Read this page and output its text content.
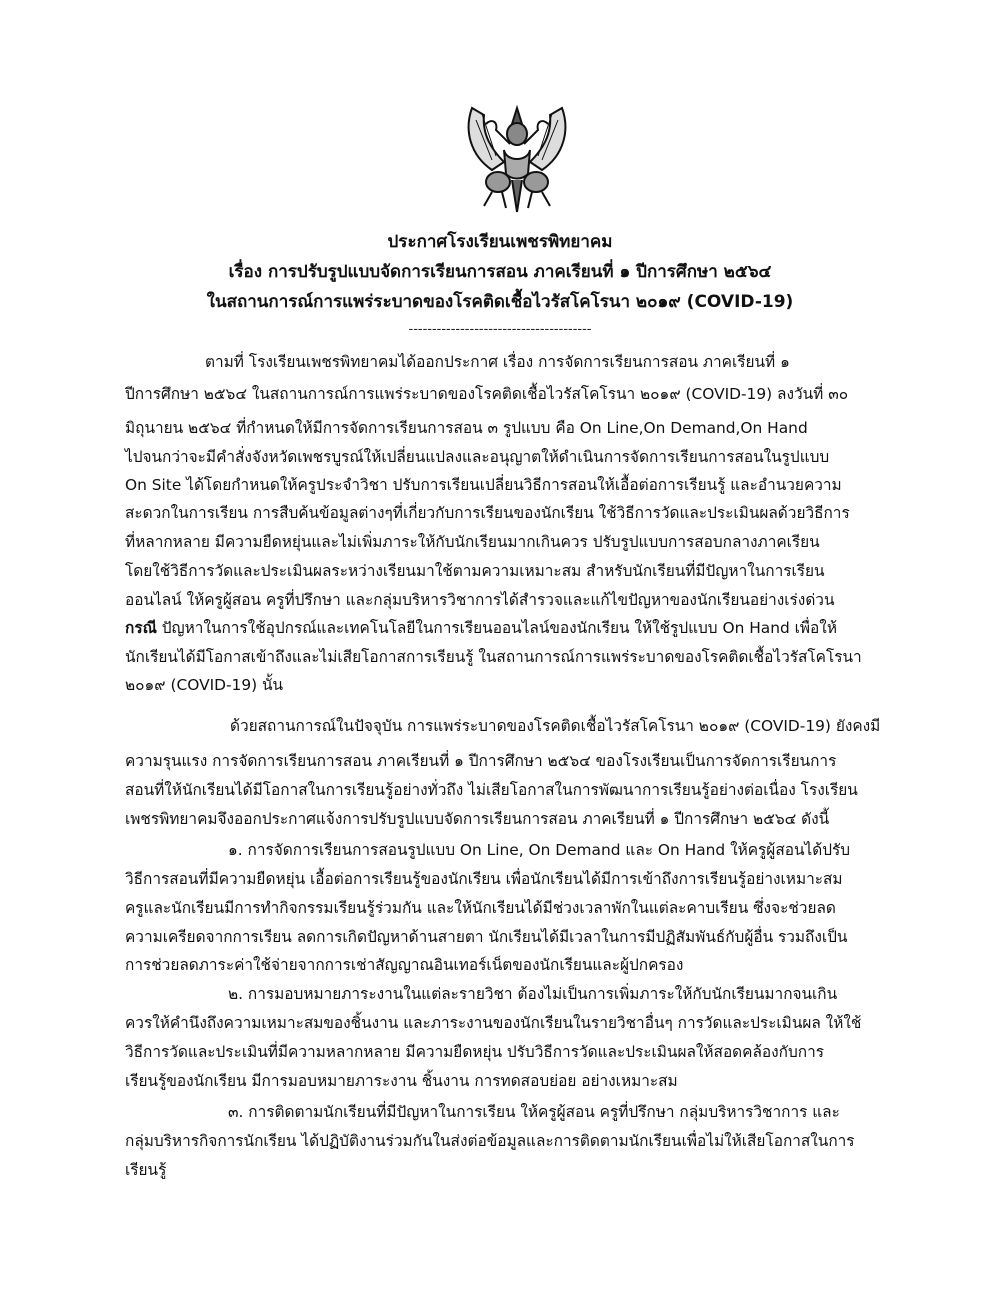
ประกาศโรงเรียนเพชรพิทยาคม
เรื่อง การปรับรูปแบบจัดการเรียนการสอน ภาคเรียนที่ ๑ ปีการศึกษา ๒๕๖๔
ในสถานการณ์การแพร่ระบาดของโรคติดเชื้อไวรัสโคโรนา ๒๐๑๙ (COVID-19)
---------------------------------------
ตามที่ โรงเรียนเพชรพิทยาคมได้ออกประกาศ เรื่อง การจัดการเรียนการสอน ภาคเรียนที่ ๑
ปีการศึกษา ๒๕๖๔ ในสถานการณ์การแพร่ระบาดของโรคติดเชื้อไวรัสโคโรนา ๒๐๑๙ (COVID-19) ลงวันที่ ๓๐
มิถุนายน ๒๕๖๔ ที่กำหนดให้มีการจัดการเรียนการสอน ๓ รูปแบบ คือ On Line,On Demand,On Hand
ไปจนกว่าจะมีคำสั่งจังหวัดเพชรบูรณ์ให้เปลี่ยนแปลงและอนุญาตให้ดำเนินการจัดการเรียนการสอนในรูปแบบ
On Site ได้โดยกำหนดให้ครูประจำวิชา ปรับการเรียนเปลี่ยนวิธีการสอนให้เอื้อต่อการเรียนรู้ และอำนวยความ
สะดวกในการเรียน การสืบค้นข้อมูลต่างๆที่เกี่ยวกับการเรียนของนักเรียน ใช้วิธีการวัดและประเมินผลด้วยวิธีการ
ที่หลากหลาย มีความยืดหยุ่นและไม่เพิ่มภาระให้กับนักเรียนมากเกินควร ปรับรูปแบบการสอบกลางภาคเรียน
โดยใช้วิธีการวัดและประเมินผลระหว่างเรียนมาใช้ตามความเหมาะสม สำหรับนักเรียนที่มีปัญหาในการเรียน
ออนไลน์ ให้ครูผู้สอน ครูที่ปรึกษา และกลุ่มบริหารวิชาการได้สำรวจและแก้ไขปัญหาของนักเรียนอย่างเร่งด่วน
กรณี ปัญหาในการใช้อุปกรณ์และเทคโนโลยีในการเรียนออนไลน์ของนักเรียน ให้ใช้รูปแบบ On Hand เพื่อให้
นักเรียนได้มีโอกาสเข้าถึงและไม่เสียโอกาสการเรียนรู้ ในสถานการณ์การแพร่ระบาดของโรคติดเชื้อไวรัสโคโรนา
๒๐๑๙ (COVID-19) นั้น
ด้วยสถานการณ์ในปัจจุบัน การแพร่ระบาดของโรคติดเชื้อไวรัสโคโรนา ๒๐๑๙ (COVID-19) ยังคงมี
ความรุนแรง การจัดการเรียนการสอน ภาคเรียนที่ ๑ ปีการศึกษา ๒๕๖๔ ของโรงเรียนเป็นการจัดการเรียนการ
สอนที่ให้นักเรียนได้มีโอกาสในการเรียนรู้อย่างทั่วถึง ไม่เสียโอกาสในการพัฒนาการเรียนรู้อย่างต่อเนื่อง โรงเรียน
เพชรพิทยาคมจึงออกประกาศแจ้งการปรับรูปแบบจัดการเรียนการสอน ภาคเรียนที่ ๑ ปีการศึกษา ๒๕๖๔ ดังนี้
๑. การจัดการเรียนการสอนรูปแบบ On Line, On Demand และ On Hand ให้ครูผู้สอนได้ปรับ
วิธีการสอนที่มีความยืดหยุ่น เอื้อต่อการเรียนรู้ของนักเรียน เพื่อนักเรียนได้มีการเข้าถึงการเรียนรู้อย่างเหมาะสม
ครูและนักเรียนมีการทำกิจกรรมเรียนรู้ร่วมกัน และให้นักเรียนได้มีช่วงเวลาพักในแต่ละคาบเรียน ซึ่งจะช่วยลด
ความเครียดจากการเรียน ลดการเกิดปัญหาด้านสายตา นักเรียนได้มีเวลาในการมีปฏิสัมพันธ์กับผู้อื่น รวมถึงเป็น
การช่วยลดภาระค่าใช้จ่ายจากการเช่าสัญญาณอินเทอร์เน็ตของนักเรียนและผู้ปกครอง
๒. การมอบหมายภาระงานในแต่ละรายวิชา ต้องไม่เป็นการเพิ่มภาระให้กับนักเรียนมากจนเกิน
ควรให้คำนึงถึงความเหมาะสมของชิ้นงาน และภาระงานของนักเรียนในรายวิชาอื่นๆ การวัดและประเมินผล ให้ใช้
วิธีการวัดและประเมินที่มีความหลากหลาย มีความยืดหยุ่น ปรับวิธีการวัดและประเมินผลให้สอดคล้องกับการ
เรียนรู้ของนักเรียน มีการมอบหมายภาระงาน ชิ้นงาน การทดสอบย่อย อย่างเหมาะสม
๓. การติดตามนักเรียนที่มีปัญหาในการเรียน ให้ครูผู้สอน ครูที่ปรึกษา กลุ่มบริหารวิชาการ และ
กลุ่มบริหารกิจการนักเรียน ได้ปฏิบัติงานร่วมกันในส่งต่อข้อมูลและการติดตามนักเรียนเพื่อไม่ให้เสียโอกาสในการ
เรียนรู้
